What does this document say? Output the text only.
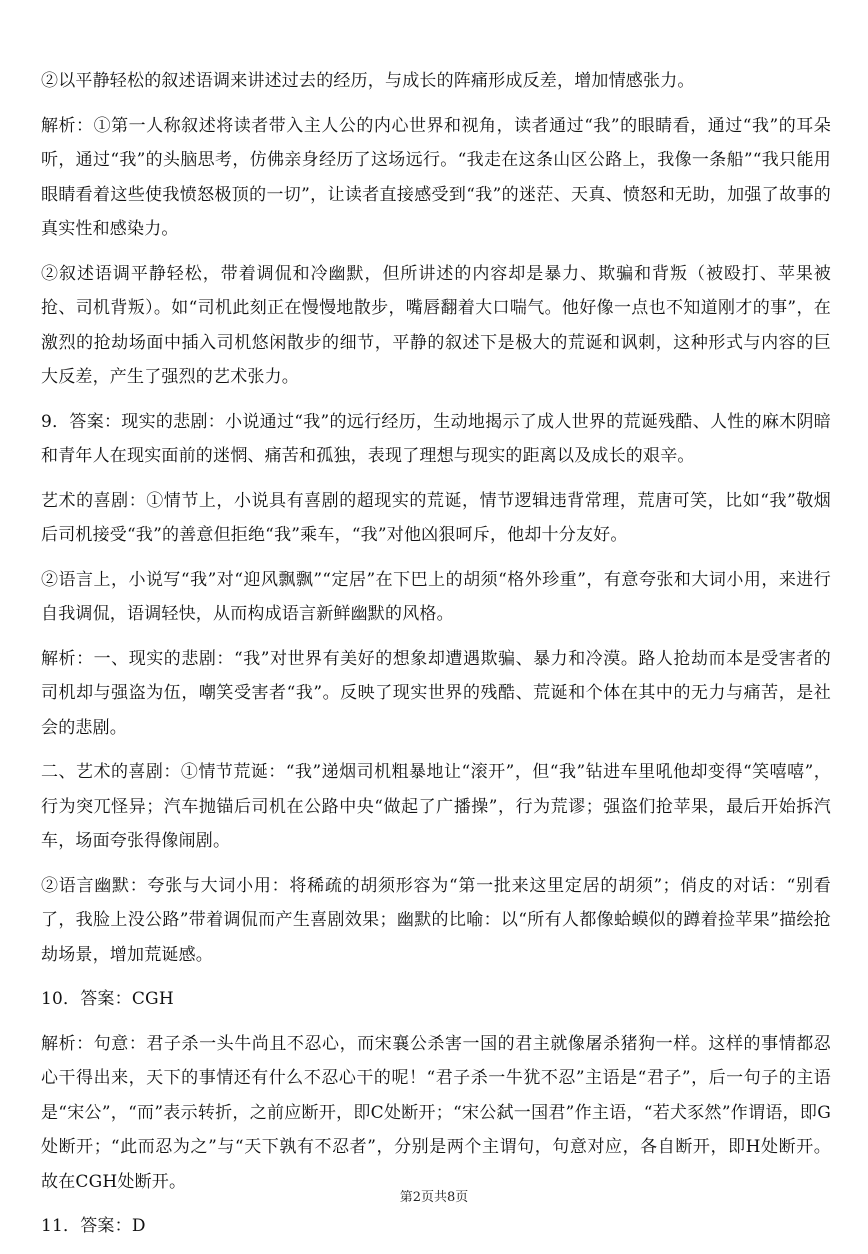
②以平静轻松的叙述语调来讲述过去的经历，与成长的阵痛形成反差，增加情感张力。

解析：①第一人称叙述将读者带入主人公的内心世界和视角，读者通过“我”的眼睛看，通过“我”的耳朵听，通过“我”的头脑思考，仿佛亲身经历了这场远行。“我走在这条山区公路上，我像一条船”“我只能用眼睛看着这些使我愤怒极顶的一切”，让读者直接感受到“我”的迷茫、天真、愤怒和无助，加强了故事的真实性和感染力。

②叙述语调平静轻松，带着调侃和冷幽默，但所讲述的内容却是暴力、欺骗和背叛（被殴打、苹果被抢、司机背叛）。如“司机此刻正在慢慢地散步，嘴唇翻着大口喘气。他好像一点也不知道刚才的事”，在激烈的抢劫场面中插入司机悠闲散步的细节，平静的叙述下是极大的荒诞和讽刺，这种形式与内容的巨大反差，产生了强烈的艺术张力。

9．答案：现实的悲剧：小说通过“我”的远行经历，生动地揭示了成人世界的荒诞残酷、人性的麻木阴暗和青年人在现实面前的迷惘、痛苦和孤独，表现了理想与现实的距离以及成长的艰辛。

艺术的喜剧：①情节上，小说具有喜剧的超现实的荒诞，情节逻辑违背常理，荒唐可笑，比如“我”敬烟后司机接受“我”的善意但拒绝“我”乘车，“我”对他凶狠呵斥，他却十分友好。

②语言上，小说写“我”对“迎风飘飘”“定居”在下巴上的胡须“格外珍重”，有意夸张和大词小用，来进行自我调侃，语调轻快，从而构成语言新鲜幽默的风格。

解析：一、现实的悲剧：“我”对世界有美好的想象却遭遇欺骗、暴力和冷漠。路人抢劫而本是受害者的司机却与强盗为伍，嘲笑受害者“我”。反映了现实世界的残酷、荒诞和个体在其中的无力与痛苦，是社会的悲剧。

二、艺术的喜剧：①情节荒诞：“我”递烟司机粗暴地让“滚开”，但“我”钻进车里吼他却变得“笑嘻嘻”，行为突兀怪异；汽车抛锚后司机在公路中央“做起了广播操”，行为荒谬；强盗们抢苹果，最后开始拆汽车，场面夸张得像闹剧。

②语言幽默：夸张与大词小用：将稀疏的胡须形容为“第一批来这里定居的胡须”；俏皮的对话：“别看了，我脸上没公路”带着调侃而产生喜剧效果；幽默的比喻：以“所有人都像蛤蟆似的蹲着捡苹果”描绘抢劫场景，增加荒诞感。

10．答案：CGH

解析：句意：君子杀一头牛尚且不忍心，而宋襄公杀害一国的君主就像屠杀猪狗一样。这样的事情都忍心干得出来，天下的事情还有什么不忍心干的呢！“君子杀一牛犹不忍”主语是“君子”，后一句子的主语是“宋公”，“而”表示转折，之前应断开，即C处断开；“宋公弑一国君”作主语，“若犬豕然”作谓语，即G处断开；“此而忍为之”与“天下孰有不忍者”，分别是两个主谓句，句意对应，各自断开，即H处断开。故在CGH处断开。

11．答案：D

第2页共8页
